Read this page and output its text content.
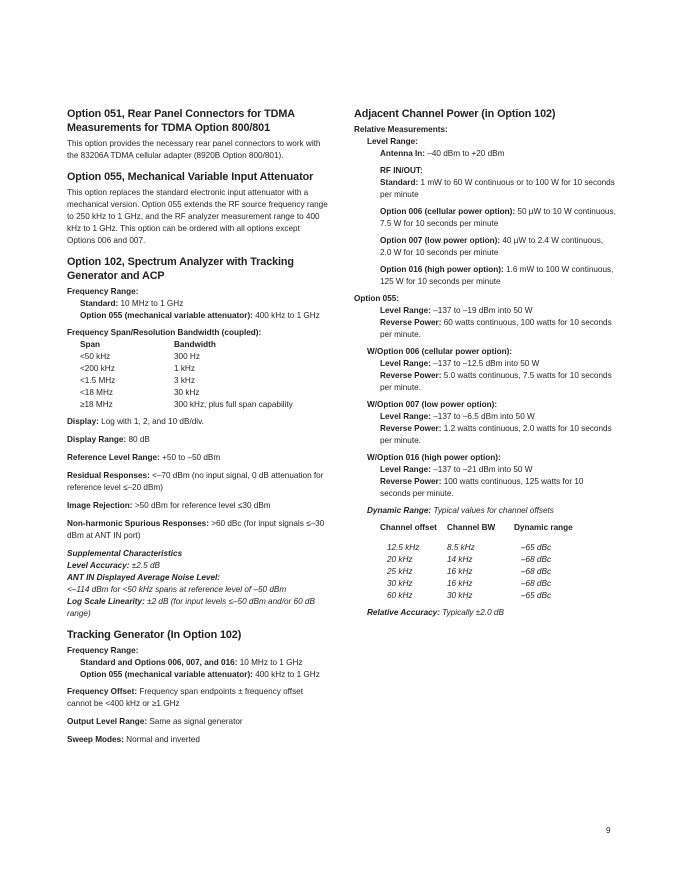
Option 051, Rear Panel Connectors for TDMA Measurements for TDMA Option 800/801

This option provides the necessary rear panel connectors to work with the 83206A TDMA cellular adapter (8920B Option 800/801).

Option 055, Mechanical Variable Input Attenuator

This option replaces the standard electronic input attenuator with a mechanical version. Option 055 extends the RF source frequency range to 250 kHz to 1 GHz, and the RF analyzer measurement range to 400 kHz to 1 GHz. This option can be ordered with all options except Options 006 and 007.

Option 102, Spectrum Analyzer with Tracking Generator and ACP
Frequency Range:
Standard: 10 MHz to 1 GHz
Option 055 (mechanical variable attenuator): 400 kHz to 1 GHz
Frequency Span/Resolution Bandwidth (coupled):
Span	Bandwidth
<50 kHz	300 Hz
<200 kHz	1 kHz
<1.5 MHz	3 kHz
<18 MHz	30 kHz
≥18 MHz	300 kHz, plus full span capability

Display: Log with 1, 2, and 10 dB/div.

Display Range: 80 dB

Reference Level Range: +50 to –50 dBm

Residual Responses: <–70 dBm (no input signal, 0 dB attenuation for reference level ≤–20 dBm)

Image Rejection: >50 dBm for reference level ≤30 dBm

Non-harmonic Spurious Responses: >60 dBc (for input signals ≤–30 dBm at ANT IN port)

Supplemental Characteristics
Level Accuracy: ±2.5 dB
ANT IN Displayed Average Noise Level:
<–114 dBm for <50 kHz spans at reference level of –50 dBm
Log Scale Linearity: ±2 dB (for input levels ≤–50 dBm and/or 60 dB range)
Tracking Generator (In Option 102)
Frequency Range:
Standard and Options 006, 007, and 016: 10 MHz to 1 GHz
Option 055 (mechanical variable attenuator): 400 kHz to 1 GHz

Frequency Offset: Frequency span endpoints ± frequency offset cannot be <400 kHz or ≥1 GHz

Output Level Range: Same as signal generator

Sweep Modes: Normal and inverted

Adjacent Channel Power (in Option 102)
Relative Measurements:
Level Range:
Antenna In: –40 dBm to +20 dBm
RF IN/OUT:
Standard: 1 mW to 60 W continuous or to 100 W for 10 seconds per minute
Option 006 (cellular power option): 50 µW to 10 W continuous, 7.5 W for 10 seconds per minute
Option 007 (low power option): 40 µW to 2.4 W continuous, 2.0 W for 10 seconds per minute
Option 016 (high power option): 1.6 mW to 100 W continuous, 125 W for 10 seconds per minute
Option 055:
Level Range: –137 to –19 dBm into 50 W
Reverse Power: 60 watts continuous, 100 watts for 10 seconds per minute.
W/Option 006 (cellular power option):
Level Range: –137 to –12.5 dBm into 50 W
Reverse Power: 5.0 watts continuous, 7.5 watts for 10 seconds per minute.
W/Option 007 (low power option):
Level Range: –137 to –6.5 dBm into 50 W
Reverse Power: 1.2 watts continuous, 2.0 watts for 10 seconds per minute.
W/Option 016 (high power option):
Level Range: –137 to –21 dBm into 50 W
Reverse Power: 100 watts continuous, 125 watts for 10 seconds per minute.
Dynamic Range: Typical values for channel offsets
Channel offset	Channel BW	Dynamic range
12.5 kHz	8.5 kHz	–65 dBc
20 kHz	14 kHz	–68 dBc
25 kHz	16 kHz	–68 dBc
30 kHz	16 kHz	–68 dBc
60 kHz	30 kHz	–65 dBc
Relative Accuracy: Typically ±2.0 dB
9
